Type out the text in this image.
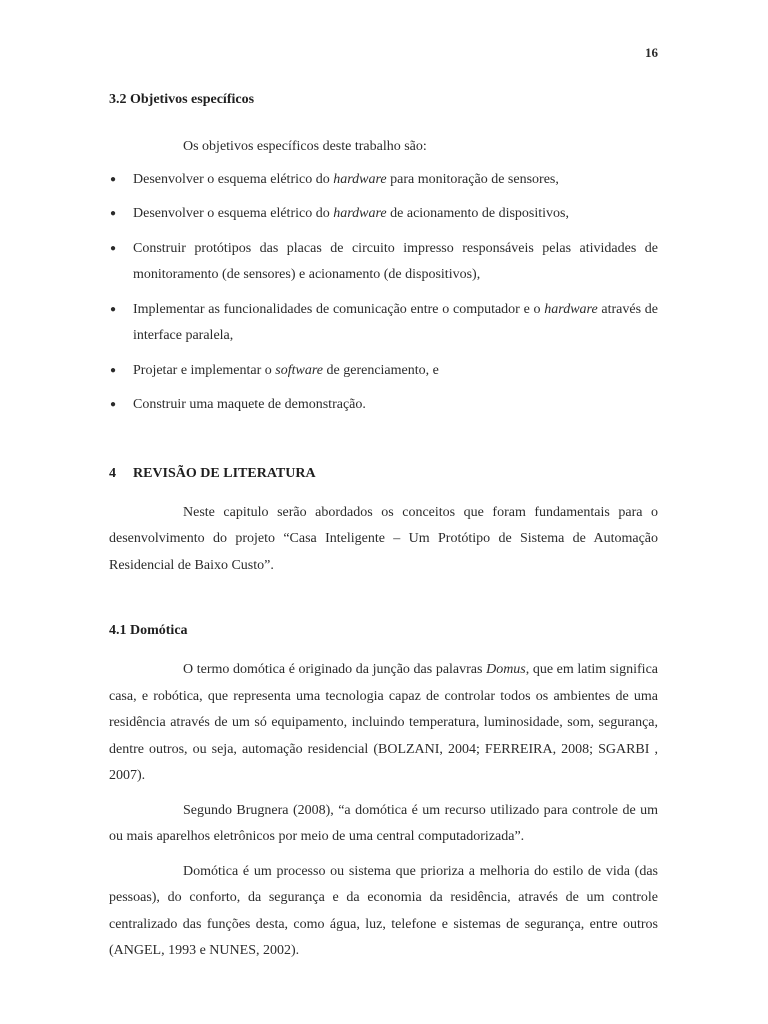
16
3.2 Objetivos específicos

Os objetivos específicos deste trabalho são:

● Desenvolver o esquema elétrico do hardware para monitoração de sensores,
● Desenvolver o esquema elétrico do hardware de acionamento de dispositivos,
● Construir protótipos das placas de circuito impresso responsáveis pelas atividades de monitoramento (de sensores) e acionamento (de dispositivos),
● Implementar as funcionalidades de comunicação entre o computador e o hardware através de interface paralela,
● Projetar e implementar o software de gerenciamento, e
● Construir uma maquete de demonstração.
4 REVISÃO DE LITERATURA

Neste capitulo serão abordados os conceitos que foram fundamentais para o desenvolvimento do projeto “Casa Inteligente – Um Protótipo de Sistema de Automação Residencial de Baixo Custo”.

4.1 Domótica

O termo domótica é originado da junção das palavras Domus, que em latim significa casa, e robótica, que representa uma tecnologia capaz de controlar todos os ambientes de uma residência através de um só equipamento, incluindo temperatura, luminosidade, som, segurança, dentre outros, ou seja, automação residencial (BOLZANI, 2004; FERREIRA, 2008; SGARBI , 2007).

Segundo Brugnera (2008), “a domótica é um recurso utilizado para controle de um ou mais aparelhos eletrônicos por meio de uma central computadorizada”.

Domótica é um processo ou sistema que prioriza a melhoria do estilo de vida (das pessoas), do conforto, da segurança e da economia da residência, através de um controle centralizado das funções desta, como água, luz, telefone e sistemas de segurança, entre outros (ANGEL, 1993 e NUNES, 2002).
